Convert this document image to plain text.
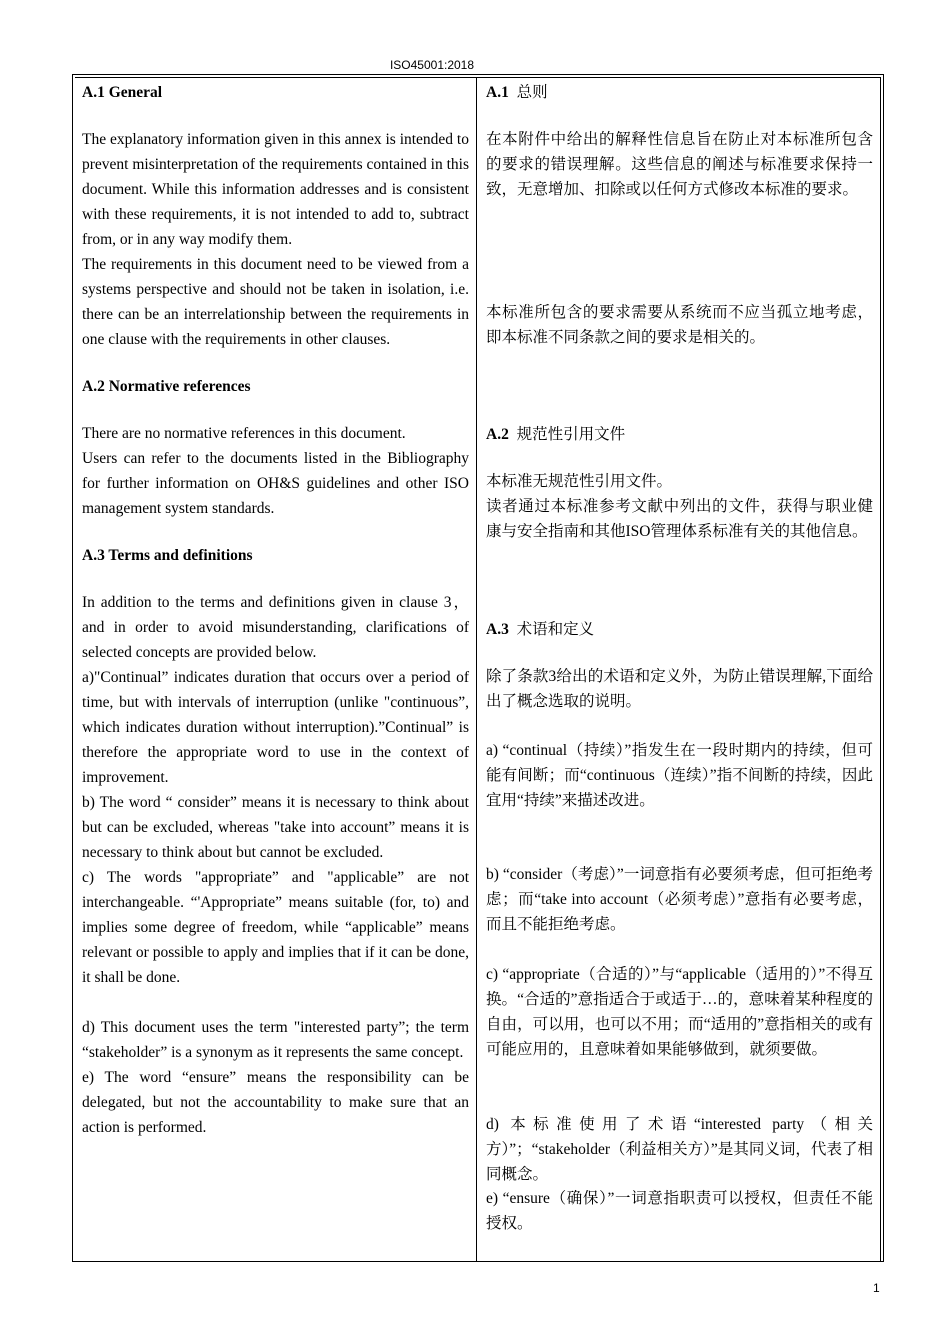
ISO45001:2018

A.1 General

The explanatory information given in this annex is intended to prevent misinterpretation of the requirements contained in this document. While this information addresses and is consistent with these requirements, it is not intended to add to, subtract from, or in any way modify them.

The requirements in this document need to be viewed from a systems perspective and should not be taken in isolation, i.e. there can be an interrelationship between the requirements in one clause with the requirements in other clauses.

A.2 Normative references

There are no normative references in this document.

Users can refer to the documents listed in the Bibliography for further information on OH&S guidelines and other ISO management system standards.

A.3 Terms and definitions

In addition to the terms and definitions given in clause 3， and in order to avoid misunderstanding, clarifications of selected concepts are provided below.

a)"Continual” indicates duration that occurs over a period of time, but with intervals of interruption (unlike "continuous”, which indicates duration without interruption).”Continual” is therefore the appropriate word to use in the context of improvement.

b) The word “ consider” means it is necessary to think about but can be excluded, whereas "take into account” means it is necessary to think about but cannot be excluded.

c) The words "appropriate” and "applicable” are not interchangeable. “'Appropriate” means suitable (for, to) and implies some degree of freedom, while “applicable” means relevant or possible to apply and implies that if it can be done, it shall be done.

d) This document uses the term "interested party”; the term “stakeholder” is a synonym as it represents the same concept.

e) The word “ensure” means the responsibility can be delegated, but not the accountability to make sure that an action is performed.

A.1 总则

在本附件中给出的解释性信息旨在防止对本标准所包含的要求的错误理解。这些信息的阐述与标准要求保持一致，无意增加、扣除或以任何方式修改本标准的要求。

本标准所包含的要求需要从系统而不应当孤立地考虑，即本标准不同条款之间的要求是相关的。

A.2 规范性引用文件

本标准无规范性引用文件。

读者通过本标准参考文献中列出的文件，获得与职业健康与安全指南和其他ISO管理体系标准有关的其他信息。

A.3 术语和定义

除了条款3给出的术语和定义外，为防止错误理解,下面给出了概念选取的说明。

a) “continual（持续）”指发生在一段时期内的持续，但可能有间断；而“continuous（连续）”指不间断的持续，因此宜用“持续”来描述改进。

b) “consider（考虑）”一词意指有必要须考虑，但可拒绝考虑；而“take into account（必须考虑）”意指有必要考虑，而且不能拒绝考虑。

c) “appropriate（合适的）”与“applicable（适用的）”不得互换。“合适的”意指适合于或适于…的，意味着某种程度的自由，可以用，也可以不用；而“适用的”意指相关的或有可能应用的，且意味着如果能够做到，就须要做。

d) 本标准使用了术语“interested party（相关方）”；“stakeholder（利益相关方）”是其同义词，代表了相同概念。

e) “ensure（确保）”一词意指职责可以授权，但责任不能授权。

1
